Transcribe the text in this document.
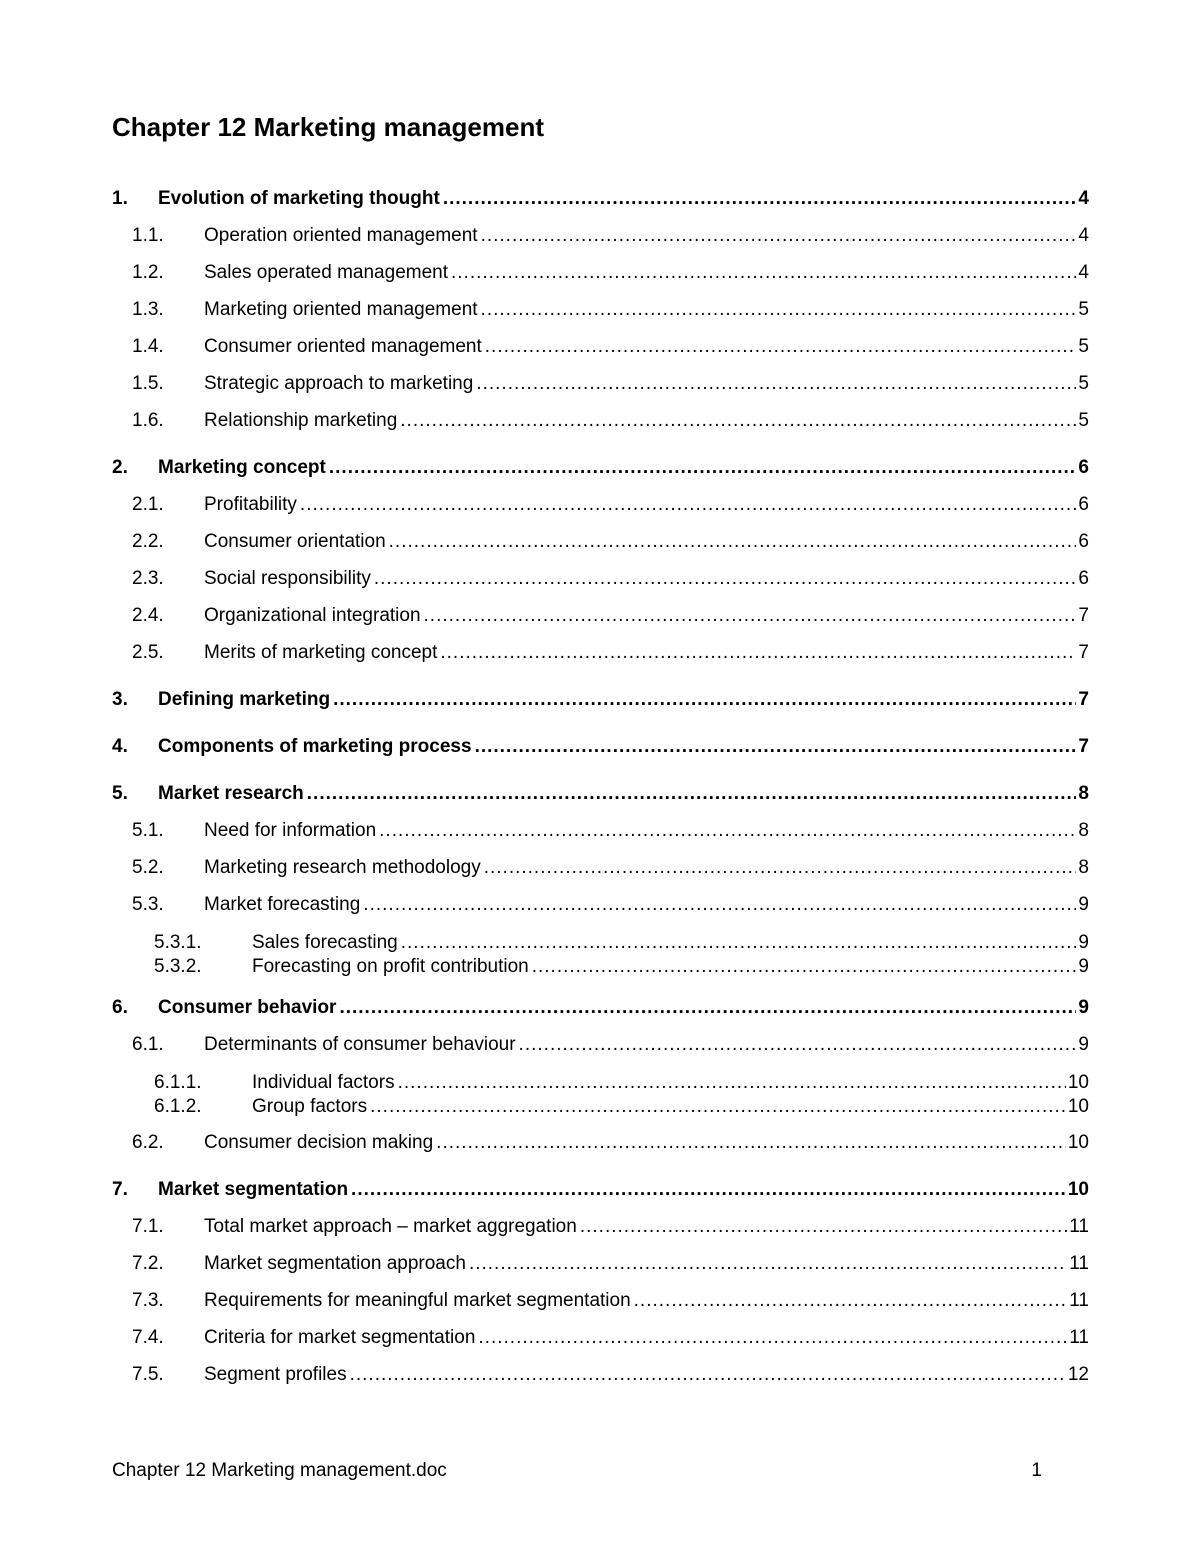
Chapter 12 Marketing management
1.	Evolution of marketing thought .....	4
1.1.	Operation oriented management .....	4
1.2.	Sales operated management .....	4
1.3.	Marketing oriented management .....	5
1.4.	Consumer oriented management .....	5
1.5.	Strategic approach to marketing .....	5
1.6.	Relationship marketing .....	5
2.	Marketing concept .....	6
2.1.	Profitability .....	6
2.2.	Consumer orientation .....	6
2.3.	Social responsibility .....	6
2.4.	Organizational integration .....	7
2.5.	Merits of marketing concept .....	7
3.	Defining marketing .....	7
4.	Components of marketing process .....	7
5.	Market research .....	8
5.1.	Need for information .....	8
5.2.	Marketing research methodology .....	8
5.3.	Market forecasting .....	9
5.3.1.	Sales forecasting .....	9
5.3.2.	Forecasting on profit contribution .....	9
6.	Consumer behavior .....	9
6.1.	Determinants of consumer behaviour .....	9
6.1.1.	Individual factors .....	10
6.1.2.	Group factors .....	10
6.2.	Consumer decision making .....	10
7.	Market segmentation .....	10
7.1.	Total market approach – market aggregation .....	11
7.2.	Market segmentation approach .....	11
7.3.	Requirements for meaningful market segmentation .....	11
7.4.	Criteria for market segmentation .....	11
7.5.	Segment profiles .....	12
Chapter 12 Marketing management.doc	1
